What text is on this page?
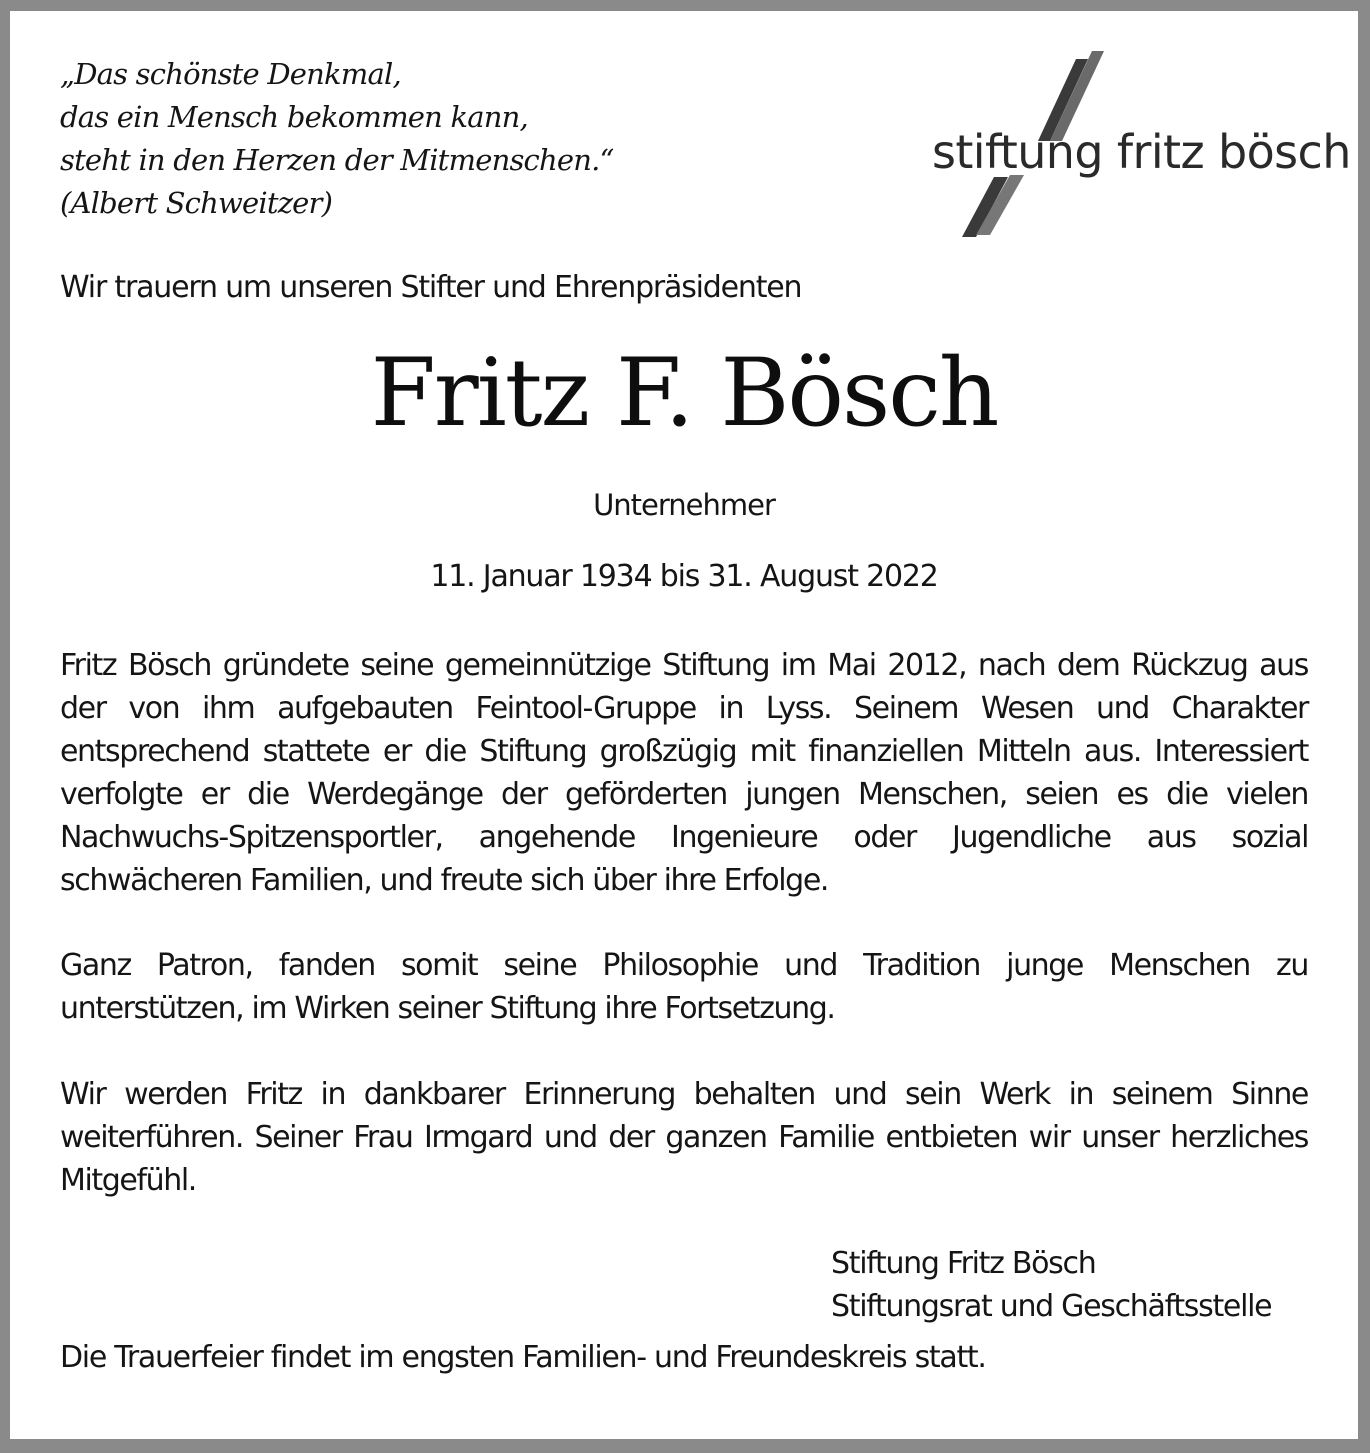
„Das schönste Denkmal,
das ein Mensch bekommen kann,
steht in den Herzen der Mitmenschen.“
(Albert Schweitzer)
stiftung fritz bösch
Wir trauern um unseren Stifter und Ehrenpräsidenten
Fritz F. Bösch
Unternehmer
11. Januar 1934 bis 31. August 2022
Fritz Bösch gründete seine gemeinnützige Stiftung im Mai 2012, nach dem Rückzug aus der von ihm aufgebauten Feintool-Gruppe in Lyss. Seinem Wesen und Charakter entsprechend stattete er die Stiftung großzügig mit finanziellen Mitteln aus. Interessiert verfolgte er die Werdegänge der geförderten jungen Menschen, seien es die vielen Nachwuchs-Spitzensportler, angehende Ingenieure oder Jugendliche aus sozial schwächeren Familien, und freute sich über ihre Erfolge.
Ganz Patron, fanden somit seine Philosophie und Tradition junge Menschen zu unterstützen, im Wirken seiner Stiftung ihre Fortsetzung.
Wir werden Fritz in dankbarer Erinnerung behalten und sein Werk in seinem Sinne weiterführen. Seiner Frau Irmgard und der ganzen Familie entbieten wir unser herzliches Mitgefühl.
Stiftung Fritz Bösch
Stiftungsrat und Geschäftsstelle
Die Trauerfeier findet im engsten Familien- und Freundeskreis statt.
